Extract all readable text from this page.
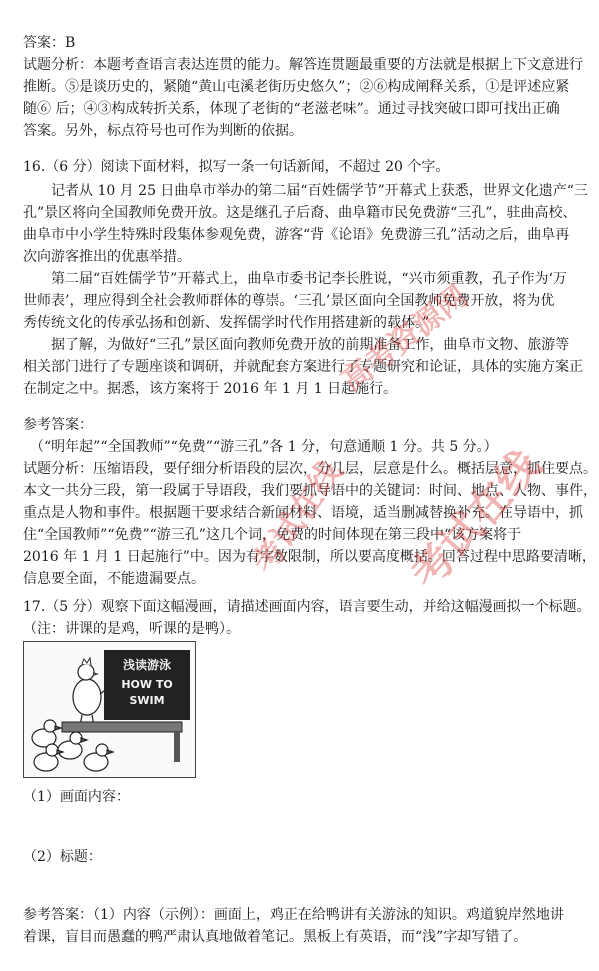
答案：B
试题分析：本题考查语言表达连贯的能力。解答连贯题最重要的方法就是根据上下文意进行
推断。⑤是谈历史的，紧随“黄山屯溪老街历史悠久”；②⑥构成阐释关系，①是评述应紧
随⑥ 后；④③构成转折关系，体现了老街的“老滋老味”。通过寻找突破口即可找出正确
答案。另外，标点符号也可作为判断的依据。
16.（6 分）阅读下面材料，拟写一条一句话新闻，不超过 20 个字。
记者从 10 月 25 日曲阜市举办的第二届“百姓儒学节”开幕式上获悉，世界文化遗产“三
孔”景区将向全国教师免费开放。这是继孔子后裔、曲阜籍市民免费游“三孔”，驻曲高校、
曲阜市中小学生特殊时段集体参观免费，游客“背《论语》免费游三孔”活动之后，曲阜再
次向游客推出的优惠举措。
第二届“百姓儒学节”开幕式上，曲阜市委书记李长胜说，“兴市须重教，孔子作为‘万
世师表’，理应得到全社会教师群体的尊崇。‘三孔’景区面向全国教师免费开放，将为优
秀传统文化的传承弘扬和创新、发挥儒学时代作用搭建新的载体。”
据了解，为做好“三孔”景区面向教师免费开放的前期准备工作，曲阜市文物、旅游等
相关部门进行了专题座谈和调研，并就配套方案进行了专题研究和论证，具体的实施方案正
在制定之中。据悉，该方案将于 2016 年 1 月 1 日起施行。
参考答案：
（“明年起”“全国教师”“免费”“游三孔”各 1 分，句意通顺 1 分。共 5 分。）
试题分析：压缩语段，要仔细分析语段的层次，分几层，层意是什么。概括层意，抓住要点。
本文一共分三段，第一段属于导语段，我们要抓导语中的关键词：时间、地点、人物、事件，
重点是人物和事件。根据题干要求结合新闻材料、语境，适当删减替换补充。在导语中，抓
住“全国教师”“免费”“游三孔”这几个词，免费的时间体现在第三段中“该方案将于
2016 年 1 月 1 日起施行”中。因为有字数限制，所以要高度概括。回答过程中思路要清晰，
信息要全面，不能遗漏要点。
17.（5 分）观察下面这幅漫画，请描述画面内容，语言要生动，并给这幅漫画拟一个标题。
（注：讲课的是鸡，听课的是鸭）。
浅读游泳
HOW TO
SWIM
（1）画面内容：
（2）标题：
参考答案：（1）内容（示例）：画面上，鸡正在给鸭讲有关游泳的知识。鸡道貌岸然地讲
着课，盲目而愚蠢的鸭严肃认真地做着笔记。黑板上有英语，而“浅”字却写错了。
高考资源网
考试在线 考试在线
